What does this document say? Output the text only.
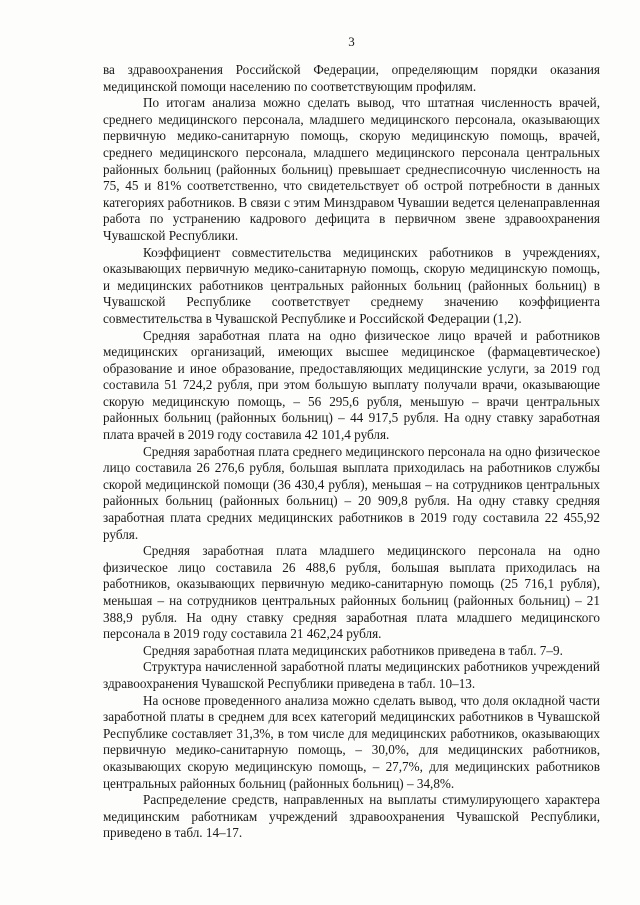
3

ва здравоохранения Российской Федерации, определяющим порядки оказания медицинской помощи населению по соответствующим профилям.

По итогам анализа можно сделать вывод, что штатная численность врачей, среднего медицинского персонала, младшего медицинского персонала, оказывающих первичную медико-санитарную помощь, скорую медицинскую помощь, врачей, среднего медицинского персонала, младшего медицинского персонала центральных районных больниц (районных больниц) превышает среднесписочную численность на 75, 45 и 81% соответственно, что свидетельствует об острой потребности в данных категориях работников. В связи с этим Минздравом Чувашии ведется целенаправленная работа по устранению кадрового дефицита в первичном звене здравоохранения Чувашской Республики.

Коэффициент совместительства медицинских работников в учреждениях, оказывающих первичную медико-санитарную помощь, скорую медицинскую помощь, и медицинских работников центральных районных больниц (районных больниц) в Чувашской Республике соответствует среднему значению коэффициента совместительства в Чувашской Республике и Российской Федерации (1,2).

Средняя заработная плата на одно физическое лицо врачей и работников медицинских организаций, имеющих высшее медицинское (фармацевтическое) образование и иное образование, предоставляющих медицинские услуги, за 2019 год составила 51 724,2 рубля, при этом большую выплату получали врачи, оказывающие скорую медицинскую помощь, – 56 295,6 рубля, меньшую – врачи центральных районных больниц (районных больниц) – 44 917,5 рубля. На одну ставку заработная плата врачей в 2019 году составила 42 101,4 рубля.

Средняя заработная плата среднего медицинского персонала на одно физическое лицо составила 26 276,6 рубля, большая выплата приходилась на работников службы скорой медицинской помощи (36 430,4 рубля), меньшая – на сотрудников центральных районных больниц (районных больниц) – 20 909,8 рубля. На одну ставку средняя заработная плата средних медицинских работников в 2019 году составила 22 455,92 рубля.

Средняя заработная плата младшего медицинского персонала на одно физическое лицо составила 26 488,6 рубля, большая выплата приходилась на работников, оказывающих первичную медико-санитарную помощь (25 716,1 рубля), меньшая – на сотрудников центральных районных больниц (районных больниц) – 21 388,9 рубля. На одну ставку средняя заработная плата младшего медицинского персонала в 2019 году составила 21 462,24 рубля.

Средняя заработная плата медицинских работников приведена в табл. 7–9.

Структура начисленной заработной платы медицинских работников учреждений здравоохранения Чувашской Республики приведена в табл. 10–13.

На основе проведенного анализа можно сделать вывод, что доля окладной части заработной платы в среднем для всех категорий медицинских работников в Чувашской Республике составляет 31,3%, в том числе для медицинских работников, оказывающих первичную медико-санитарную помощь, – 30,0%, для медицинских работников, оказывающих скорую медицинскую помощь, – 27,7%, для медицинских работников центральных районных больниц (районных больниц) – 34,8%.

Распределение средств, направленных на выплаты стимулирующего характера медицинским работникам учреждений здравоохранения Чувашской Республики, приведено в табл. 14–17.
